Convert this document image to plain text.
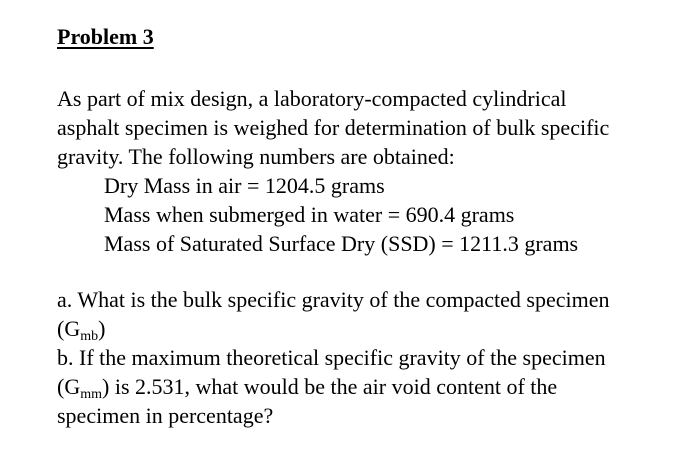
Problem 3
As part of mix design, a laboratory-compacted cylindrical
asphalt specimen is weighed for determination of bulk specific
gravity. The following numbers are obtained:
Dry Mass in air = 1204.5 grams
Mass when submerged in water = 690.4 grams
Mass of Saturated Surface Dry (SSD) = 1211.3 grams
a. What is the bulk specific gravity of the compacted specimen
$(G_{mb})$
b. If the maximum theoretical specific gravity of the specimen
$(G_{mm})$ is 2.531, what would be the air void content of the
specimen in percentage?
